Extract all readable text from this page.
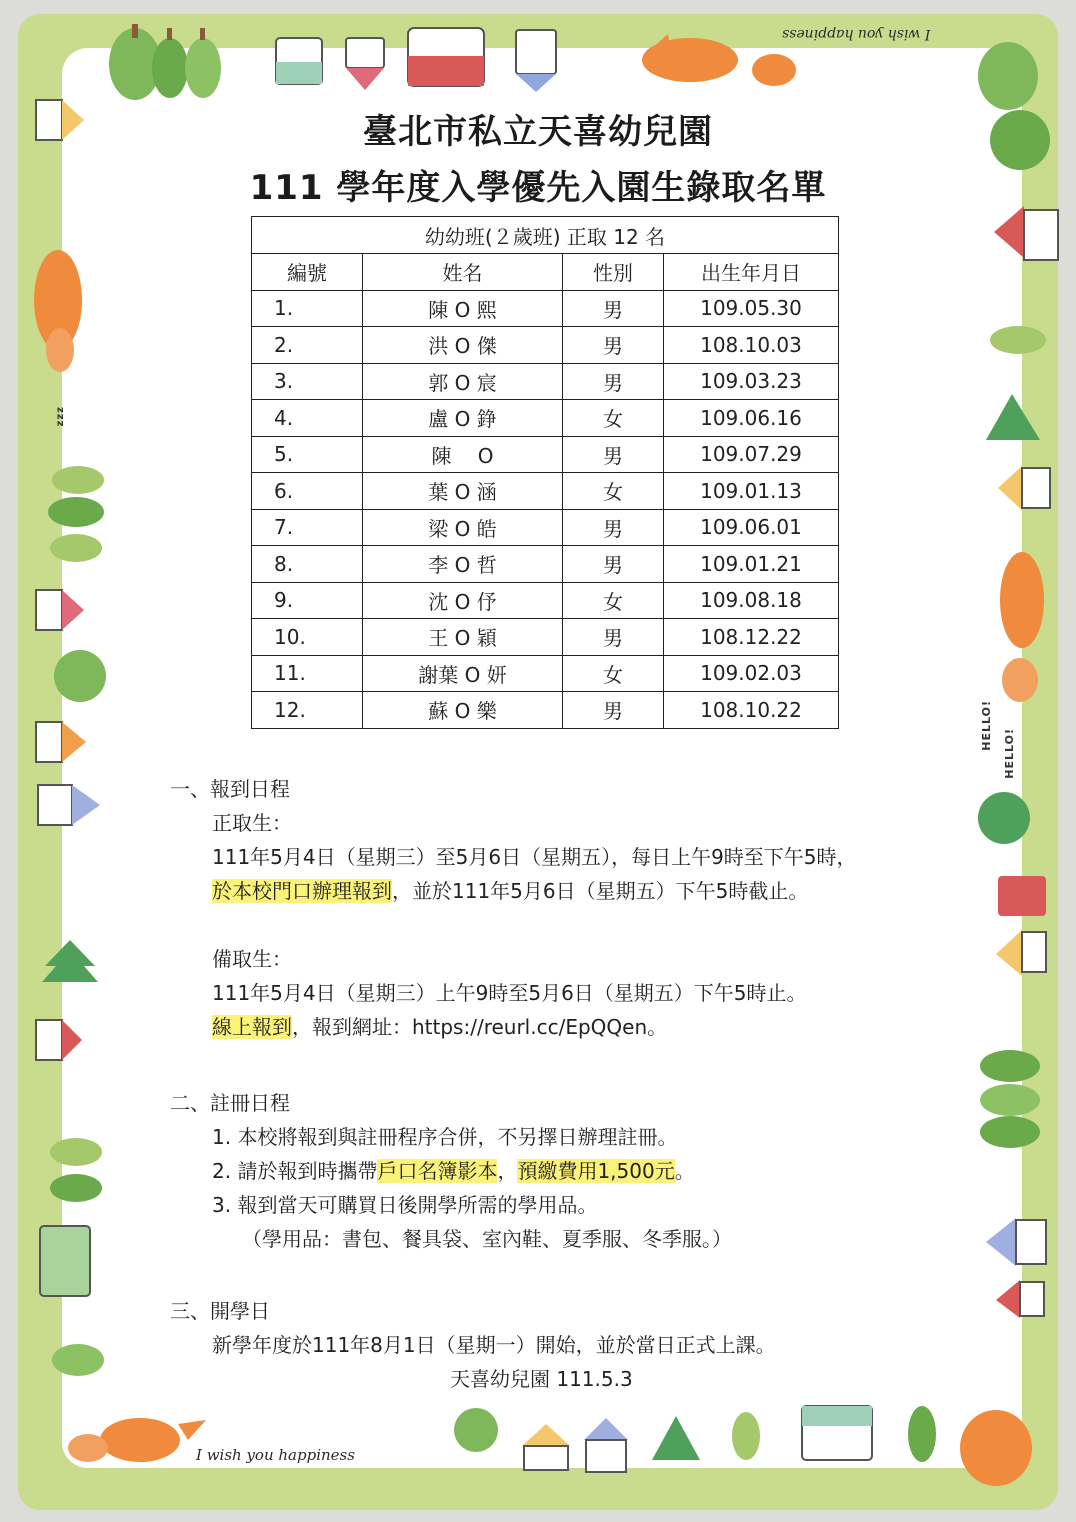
I wish you happiness
I wish you happiness
HELLO!
HELLO!
zzz
臺北市私立天喜幼兒園
111 學年度入學優先入園生錄取名單
幼幼班(２歲班) 正取 12 名			
編號	姓名	性別	出生年月日
1.	陳 O 熙	男	109.05.30
2.	洪 O 傑	男	108.10.03
3.	郭 O 宸	男	109.03.23
4.	盧 O 錚	女	109.06.16
5.	陳　 O	男	109.07.29
6.	葉 O 涵	女	109.01.13
7.	梁 O 皓	男	109.06.01
8.	李 O 哲	男	109.01.21
9.	沈 O 伃	女	109.08.18
10.	王 O 穎	男	108.12.22
11.	謝葉 O 妍	女	109.02.03
12.	蘇 O 樂	男	108.10.22
一、報到日程
正取生：
111年5月4日（星期三）至5月6日（星期五），每日上午9時至下午5時，
於本校門口辦理報到，並於111年5月6日（星期五）下午5時截止。
備取生：
111年5月4日（星期三）上午9時至5月6日（星期五）下午5時止。
線上報到，報到網址：https://reurl.cc/EpQQen。
二、註冊日程
1. 本校將報到與註冊程序合併，不另擇日辦理註冊。
2. 請於報到時攜帶戶口名簿影本，預繳費用1,500元。
3. 報到當天可購買日後開學所需的學用品。
（學用品：書包、餐具袋、室內鞋、夏季服、冬季服。）
三、開學日
新學年度於111年8月1日（星期一）開始，並於當日正式上課。
天喜幼兒園 111.5.3
